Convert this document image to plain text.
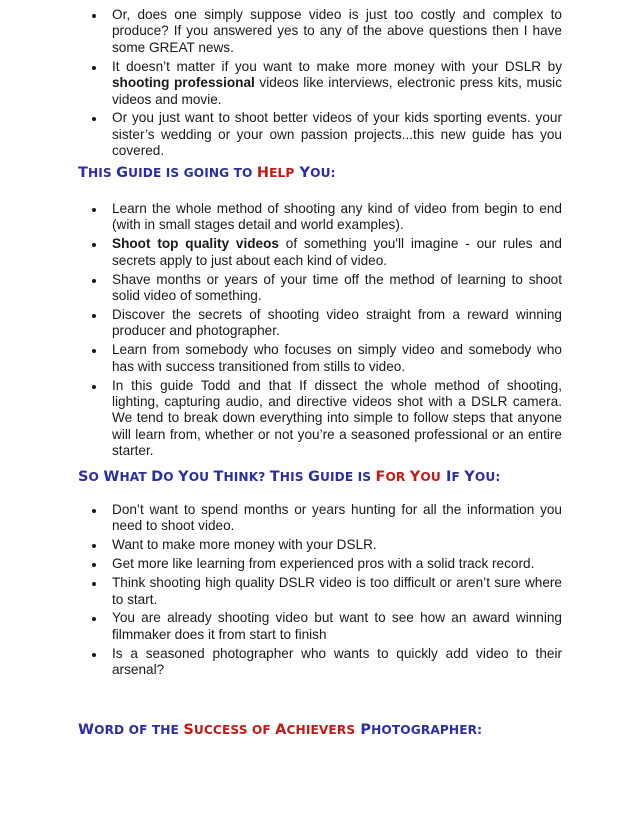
Or, does one simply suppose video is just too costly and complex to produce? If you answered yes to any of the above questions then I have some GREAT news.
It doesn’t matter if you want to make more money with your DSLR by shooting professional videos like interviews, electronic press kits, music videos and movie.
Or you just want to shoot better videos of your kids sporting events. your sister’s wedding or your own passion projects...this new guide has you covered.
THIS GUIDE IS GOING TO HELP YOU:
Learn the whole method of shooting any kind of video from begin to end (with in small stages detail and world examples).
Shoot top quality videos of something you'll imagine - our rules and secrets apply to just about each kind of video.
Shave months or years of your time off the method of learning to shoot solid video of something.
Discover the secrets of shooting video straight from a reward winning producer and photographer.
Learn from somebody who focuses on simply video and somebody who has with success transitioned from stills to video.
In this guide Todd and that If dissect the whole method of shooting, lighting, capturing audio, and directive videos shot with a DSLR camera. We tend to break down everything into simple to follow steps that anyone will learn from, whether or not you’re a seasoned professional or an entire starter.
SO WHAT DO YOU THINK? THIS GUIDE IS FOR YOU IF YOU:
Don’t want to spend months or years hunting for all the information you need to shoot video.
Want to make more money with your DSLR.
Get more like learning from experienced pros with a solid track record.
Think shooting high quality DSLR video is too difficult or aren’t sure where to start.
You are already shooting video but want to see how an award winning filmmaker does it from start to finish
Is a seasoned photographer who wants to quickly add video to their arsenal?
WORD OF THE SUCCESS OF ACHIEVERS PHOTOGRAPHER:
